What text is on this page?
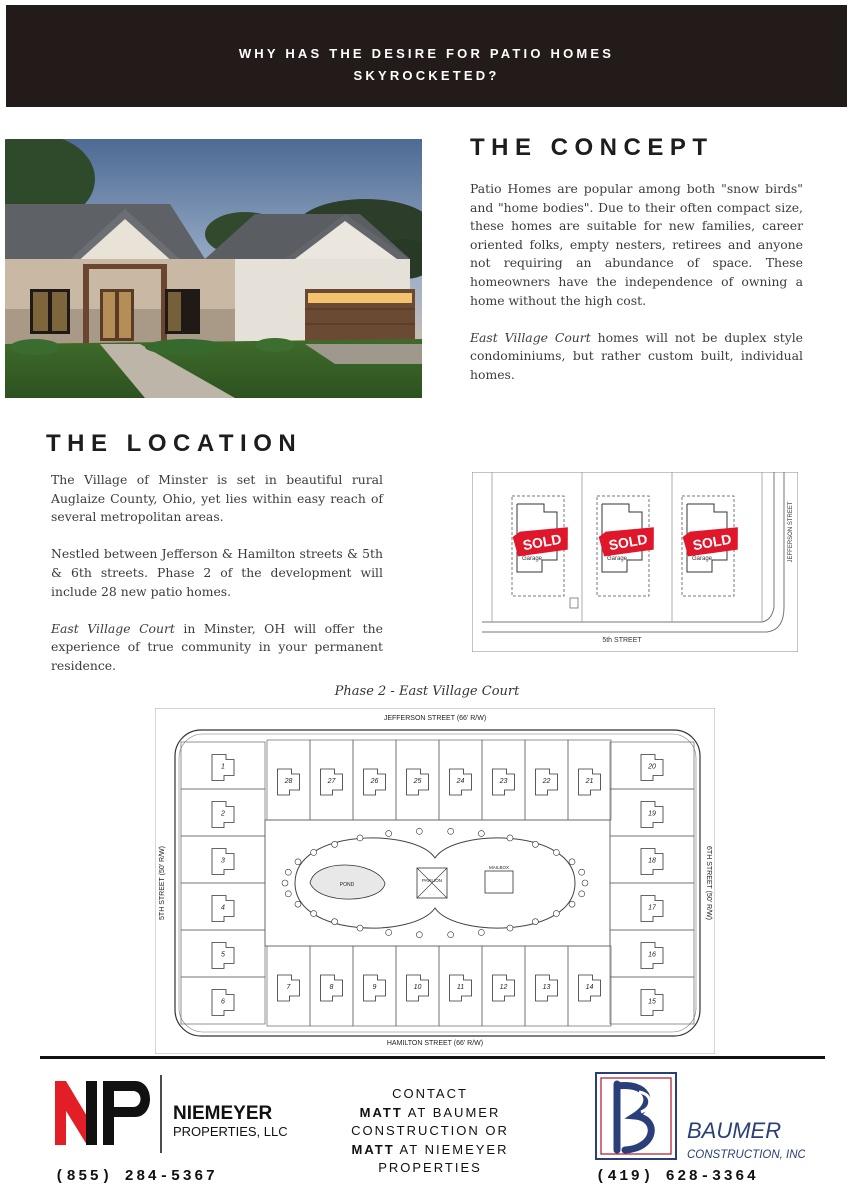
WHY HAS THE DESIRE FOR PATIO HOMES
SKYROCKETED?
THE CONCEPT

Patio Homes are popular among both "snow birds" and "home bodies". Due to their often compact size, these homes are suitable for new families, career oriented folks, empty nesters, retirees and anyone not requiring an abundance of space. These homeowners have the independence of owning a home without the high cost.

East Village Court homes will not be duplex style condominiums, but rather custom built, individual homes.

THE LOCATION

The Village of Minster is set in beautiful rural Auglaize County, Ohio, yet lies within easy reach of several metropolitan areas.

Nestled between Jefferson & Hamilton streets & 5th & 6th streets. Phase 2 of the development will include 28 new patio homes.

East Village Court in Minster, OH will offer the experience of true community in your permanent residence.

Garage	Garage	Garage
SOLD	SOLD	SOLD
5th STREET
JEFFERSON STREET
Phase 2 - East Village Court
JEFFERSON STREET (66' R/W)
HAMILTON STREET (66' R/W)
5TH STREET (50' R/W)	6TH STREET (50' R/W)
POND
PAVILION
MAILBOX
28	27	26	25	24	23	22	21
7	8	9	10	11	12	13	14
1
2
3
4
5
6
20
19
18
17
16
15
NIEMEYER
PROPERTIES, LLC
(855) 284-5367
CONTACT
MATT AT BAUMER
CONSTRUCTION OR
MATT AT NIEMEYER
PROPERTIES
BAUMER
CONSTRUCTION, INC.
(419) 628-3364
